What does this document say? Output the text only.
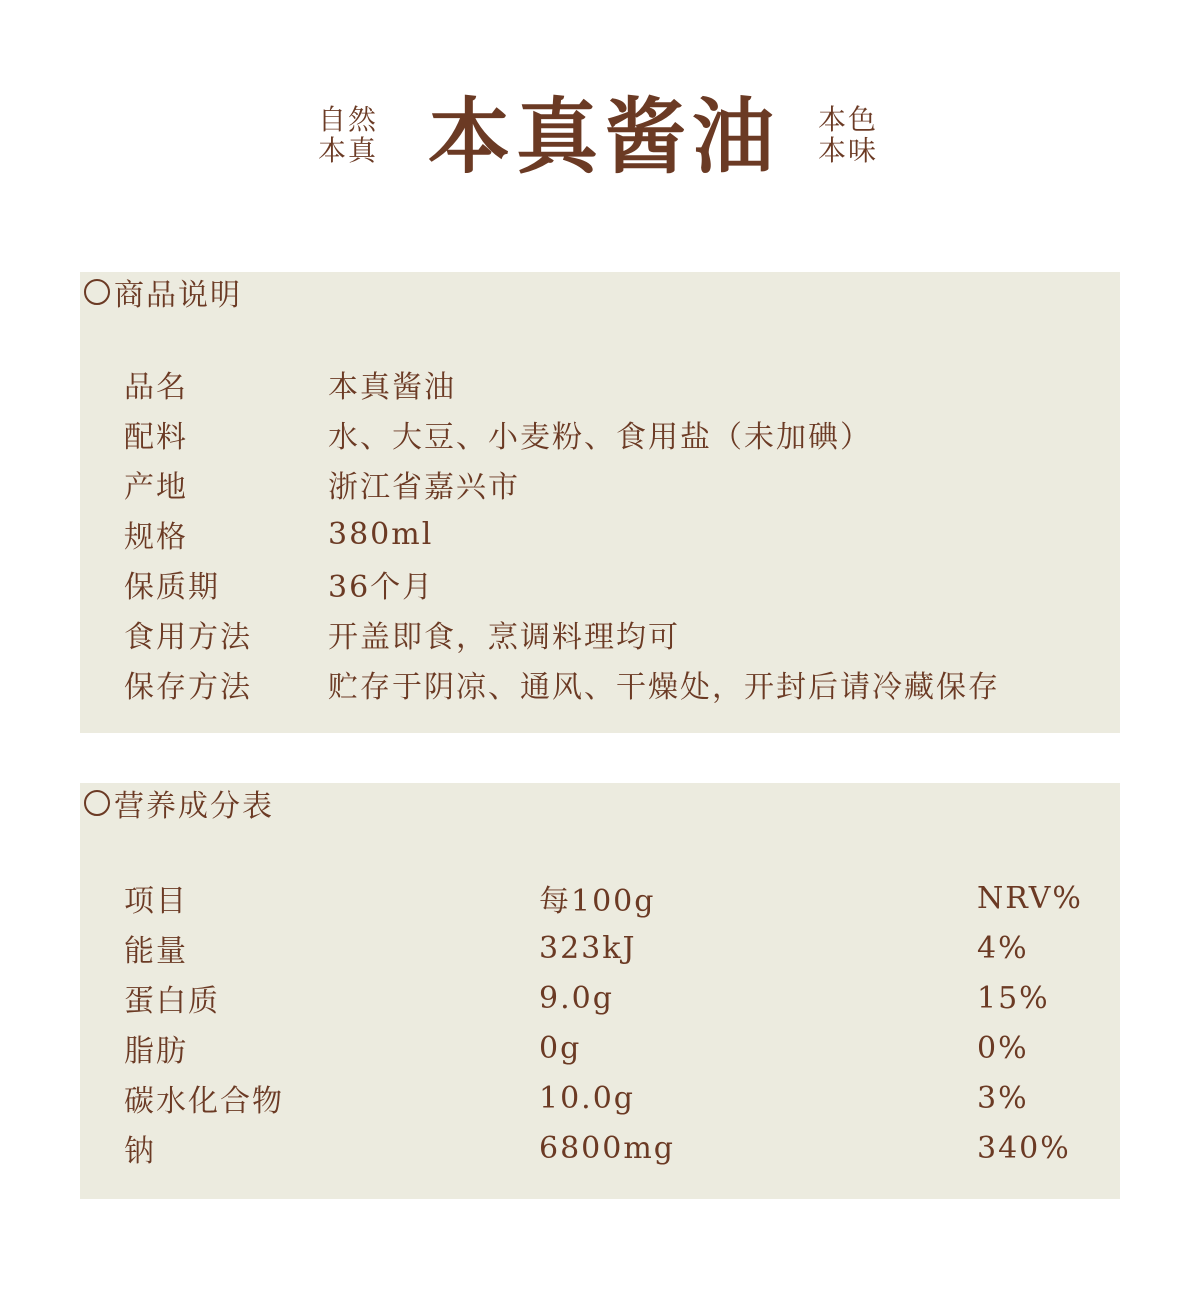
自然
本真 本真酱油 本色
本味
商品说明
品名	本真酱油
配料	水、大豆、小麦粉、食用盐（未加碘）
产地	浙江省嘉兴市
规格	380ml
保质期	36个月
食用方法	开盖即食，烹调料理均可
保存方法	贮存于阴凉、通风、干燥处，开封后请冷藏保存
营养成分表
项目	每100g	NRV%
能量	323kJ	4%
蛋白质	9.0g	15%
脂肪	0g	0%
碳水化合物	10.0g	3%
钠	6800mg	340%
